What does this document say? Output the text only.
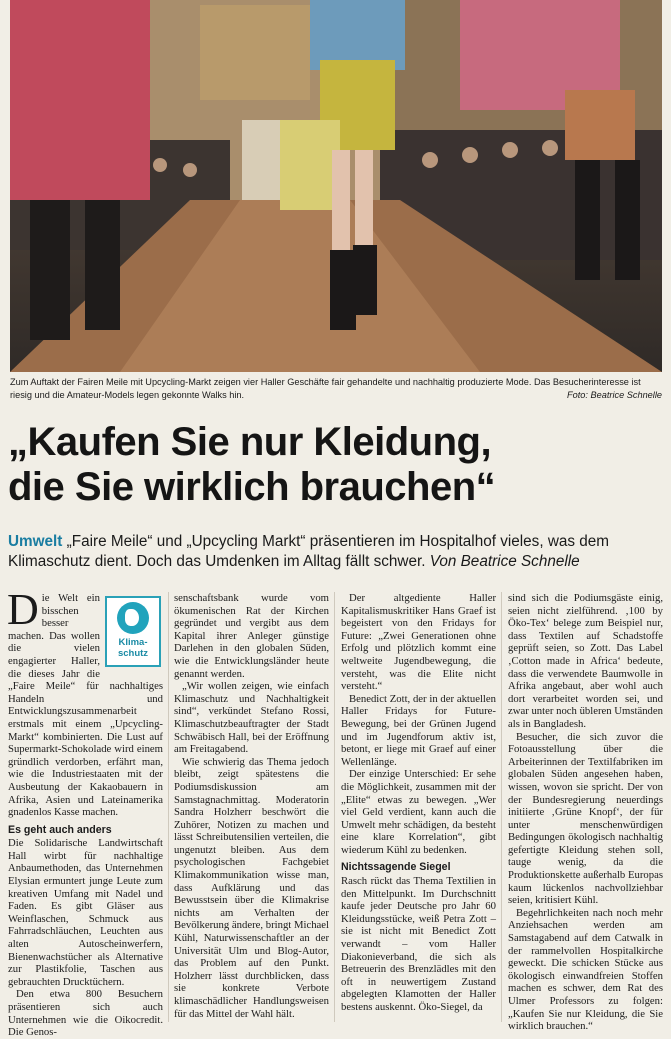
Zum Auftakt der Fairen Meile mit Upcycling-Markt zeigen vier Haller Geschäfte fair gehandelte und nachhaltig produzierte Mode. Das Besucherinteresse ist riesig und die Amateur-Models legen gekonnte Walks hin.	Foto: Beatrice Schnelle
„Kaufen Sie nur Kleidung,
die Sie wirklich brauchen“
Umwelt „Faire Meile“ und „Upcycling Markt“ präsentieren im Hospitalhof vieles, was dem Klimaschutz dient. Doch das Umdenken im Alltag fällt schwer. Von Beatrice Schnelle

D
Klima-
schutz
ie Welt ein bisschen besser machen. Das wollen die vielen engagierter Haller, die dieses Jahr die „Faire Meile“ für nachhaltiges Handeln und Entwicklungszusammenarbeit erstmals mit einem „Upcycling-Markt“ kombinierten. Die Lust auf Supermarkt-Schokolade wird einem gründlich verdorben, erfährt man, wie die Industriestaaten mit der Ausbeutung der Kakaobauern in Afrika, Asien und Lateinamerika gnadenlos Kasse machen.

Es geht auch anders

Die Solidarische Landwirtschaft Hall wirbt für nachhaltige Anbaumethoden, das Unternehmen Elysian ermuntert junge Leute zum kreativen Umfang mit Nadel und Faden. Es gibt Gläser aus Weinflaschen, Schmuck aus Fahrradschläuchen, Leuchten aus alten Autoscheinwerfern, Bienenwachstücher als Alternative zur Plastikfolie, Taschen aus gebrauchten Drucktüchern.

Den etwa 800 Besuchern präsentieren sich auch Unternehmen wie die Oikocredit. Die Genos-

senschaftsbank wurde vom ökumenischen Rat der Kirchen gegründet und vergibt aus dem Kapital ihrer Anleger günstige Darlehen in den globalen Süden, wie die Entwicklungsländer heute genannt werden.

„Wir wollen zeigen, wie einfach Klimaschutz und Nachhaltigkeit sind“, verkündet Stefano Rossi, Klimaschutzbeauftragter der Stadt Schwäbisch Hall, bei der Eröffnung am Freitagabend.

Wie schwierig das Thema jedoch bleibt, zeigt spätestens die Podiumsdiskussion am Samstagnachmittag. Moderatorin Sandra Holzherr beschwört die Zuhörer, Notizen zu machen und lässt Schreibutensilien verteilen, die ungenutzt bleiben. Aus dem psychologischen Fachgebiet Klimakommunikation wisse man, dass Aufklärung und das Bewusstsein über die Klimakrise nichts am Verhalten der Bevölkerung ändere, bringt Michael Kühl, Naturwissenschaftler an der Universität Ulm und Blog-Autor, das Problem auf den Punkt. Holzherr lässt durchblicken, dass sie konkrete Verbote klimaschädlicher Handlungsweisen für das Mittel der Wahl hält.

Der altgediente Haller Kapitalismuskritiker Hans Graef ist begeistert von den Fridays for Future: „Zwei Generationen ohne Erfolg und plötzlich kommt eine weltweite Jugendbewegung, die versteht, was die Elite nicht versteht.“

Benedict Zott, der in der aktuellen Haller Fridays for Future-Bewegung, bei der Grünen Jugend und im Jugendforum aktiv ist, betont, er liege mit Graef auf einer Wellenlänge.

Der einzige Unterschied: Er sehe die Möglichkeit, zusammen mit der „Elite“ etwas zu bewegen. „Wer viel Geld verdient, kann auch die Umwelt mehr schädigen, da besteht eine klare Korrelation“, gibt wiederum Kühl zu bedenken.

Nichtssagende Siegel

Rasch rückt das Thema Textilien in den Mittelpunkt. Im Durchschnitt kaufe jeder Deutsche pro Jahr 60 Kleidungsstücke, weiß Petra Zott – sie ist nicht mit Benedict Zott verwandt – vom Haller Diakonieverband, die sich als Betreuerin des Brenzlädles mit den oft in neuwertigem Zustand abgelegten Klamotten der Haller bestens auskennt. Öko-Siegel, da

sind sich die Podiumsgäste einig, seien nicht zielführend. ‚100 by Öko-Tex‘ belege zum Beispiel nur, dass Textilen auf Schadstoffe geprüft seien, so Zott. Das Label ‚Cotton made in Africa‘ bedeute, dass die verwendete Baumwolle in Afrika angebaut, aber wohl auch dort verarbeitet worden sei, und zwar unter noch übleren Umständen als in Bangladesh.

Besucher, die sich zuvor die Fotoausstellung über die Arbeiterinnen der Textilfabriken im globalen Süden angesehen haben, wissen, wovon sie spricht. Der von der Bundesregierung neuerdings initiierte ‚Grüne Knopf‘, der für unter menschenwürdigen Bedingungen ökologisch nachhaltig gefertigte Kleidung stehen soll, tauge wenig, da die Produktionskette außerhalb Europas kaum lückenlos nachvollziehbar seien, kritisiert Kühl.

Begehrlichkeiten nach noch mehr Anziehsachen werden am Samstagabend auf dem Catwalk in der rammelvollen Hospitalkirche geweckt. Die schicken Stücke aus ökologisch einwandfreien Stoffen machen es schwer, dem Rat des Ulmer Professors zu folgen: „Kaufen Sie nur Kleidung, die Sie wirklich brauchen.“
